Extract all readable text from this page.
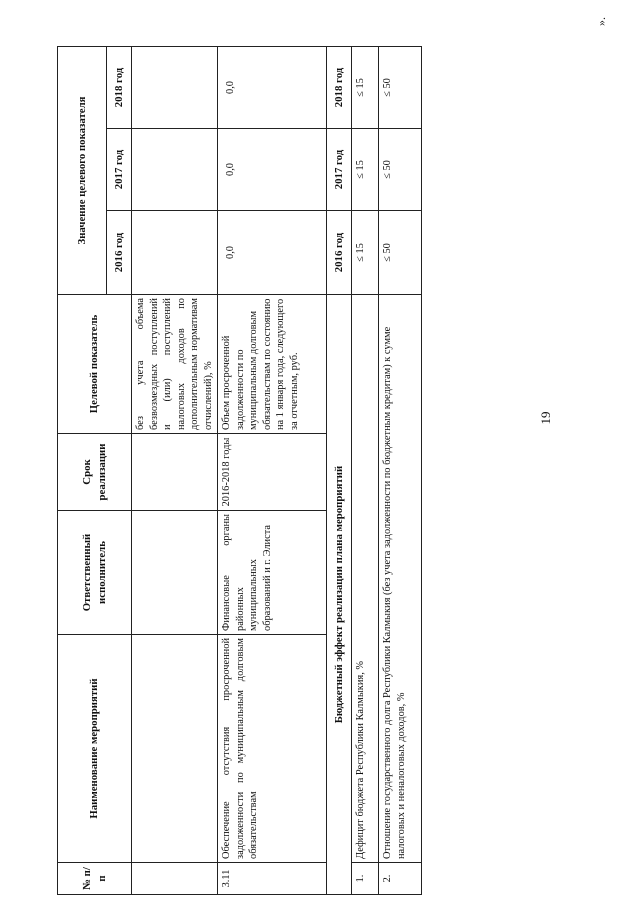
№ п/п	Наименование мероприятий	Ответственный исполнитель	Срок реализации	Целевой показатель	Значение целевого показателя		
					2016 год	2017 год	2018 год
				без учета объема безвозмездных поступлений и (или) поступлений налоговых доходов по дополнительным нормативам отчислений), %			
3.11	Обеспечение отсутствия просроченной задолженности по муниципальным долговым обязательствам	Финансовые органы районных муниципальных образований и г. Элиста	2016-2018 годы	Объем просроченной задолженности по муниципальным долговым обязательствам по состоянию на 1 января года, следующего за отчетным, руб.	0,0	0,0	0,0
Бюджетный эффект реализации плана мероприятий					2016 год	2017 год	2018 год
1.	Дефицит бюджета Республики Калмыкия, %				≤ 15	≤ 15	≤ 15
2.	Отношение государственного долга Республики Калмыкия (без учета задолженности по бюджетным кредитам) к сумме налоговых и неналоговых доходов, %				≤ 50	≤ 50	≤ 50
19
».
